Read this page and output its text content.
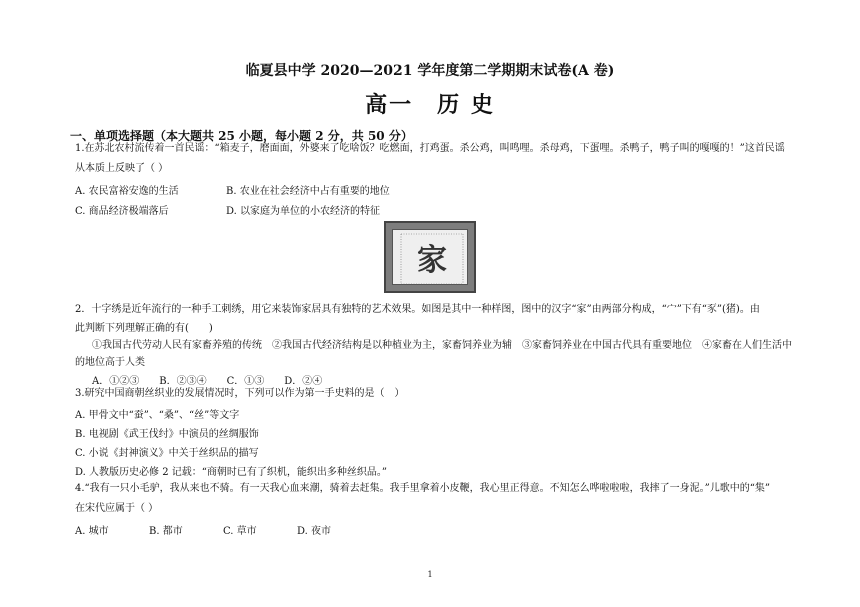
临夏县中学 2020—2021 学年度第二学期期末试卷(A 卷)
高一　历 史
一、单项选择题（本大题共 25 小题，每小题 2 分，共 50 分）
1.在苏北农村流传着一首民谣：“箱麦子，磨面面，外婆来了吃啥饭？吃燃面，打鸡蛋。杀公鸡，叫鸣哩。杀母鸡，下蛋哩。杀鸭子，鸭子叫的嘎嘎的！”这首民谣
从本质上反映了（ ）
A. 农民富裕安逸的生活	B. 农业在社会经济中占有重要的地位
C. 商品经济极端落后	D. 以家庭为单位的小农经济的特征
家
2．十字绣是近年流行的一种手工刺绣，用它来装饰家居具有独特的艺术效果。如图是其中一种样图，图中的汉字“家”由两部分构成，“宀”下有“豕”(猪)。由
此判断下列理解正确的有(　　)
①我国古代劳动人民有家畜养殖的传统　②我国古代经济结构是以种植业为主，家畜饲养业为辅　③家畜饲养业在中国古代具有重要地位　④家畜在人们生活中
的地位高于人类
A．①②③　　B．②③④　　C．①③　　D．②④
3.研究中国商朝丝织业的发展情况时，下列可以作为第一手史料的是（　）
A. 甲骨文中“蚕”、“桑”、“丝”等文字
B. 电视剧《武王伐纣》中演员的丝绸服饰
C. 小说《封神演义》中关于丝织品的描写
D. 人教版历史必修 2 记载：“商朝时已有了织机，能织出多种丝织品。”
4.“我有一只小毛驴，我从来也不骑。有一天我心血来潮，骑着去赶集。我手里拿着小皮鞭，我心里正得意。不知怎么哗啦啦啦，我摔了一身泥。”儿歌中的“集”
在宋代应属于（ ）
A. 城市	B. 都市	C. 草市	D. 夜市
1
